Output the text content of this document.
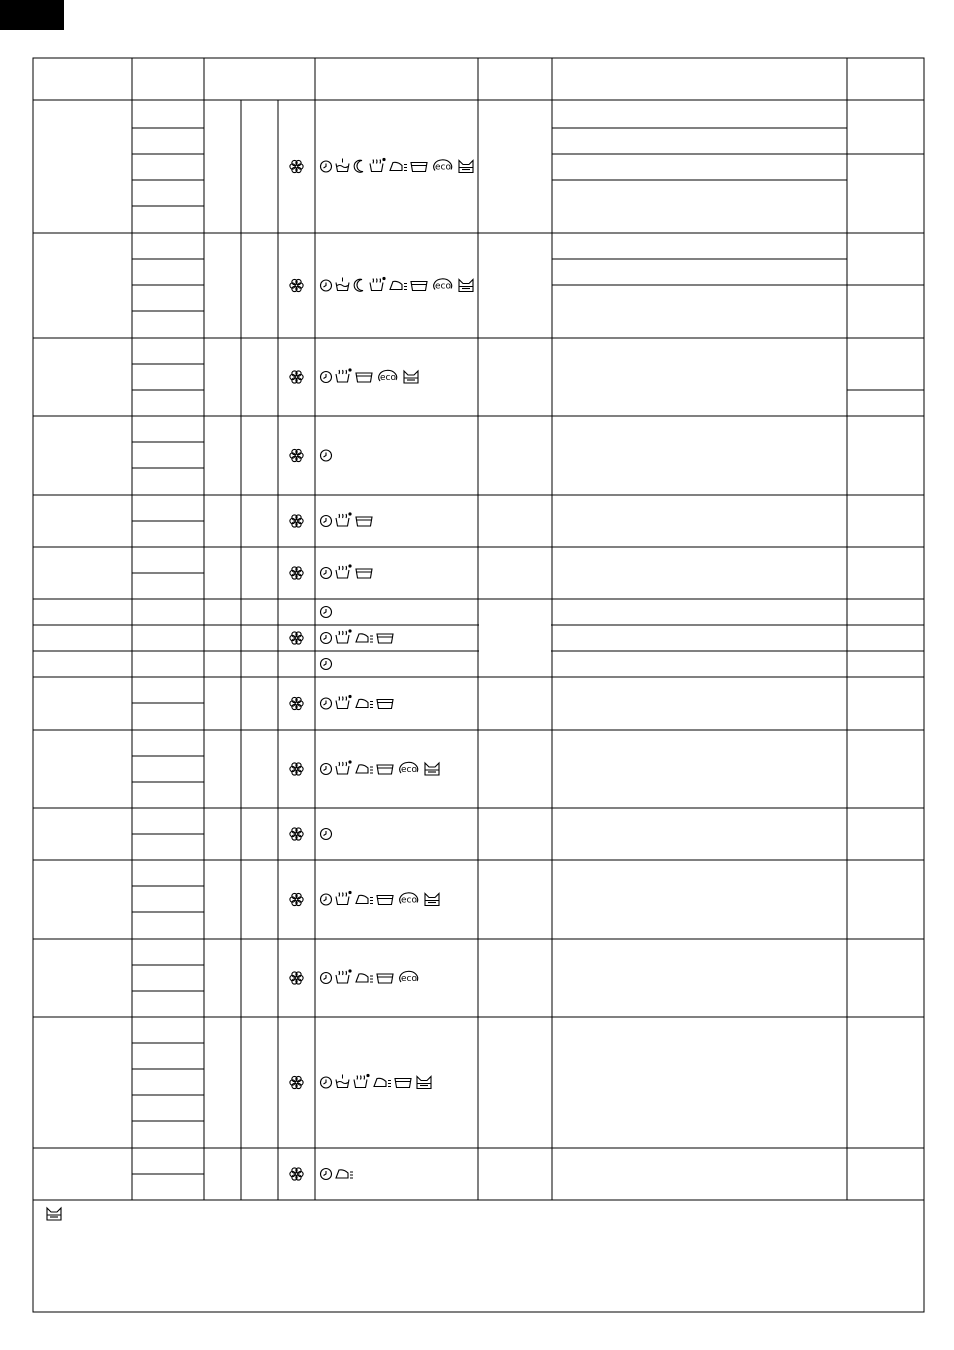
eco
eco
eco
eco
eco
eco
